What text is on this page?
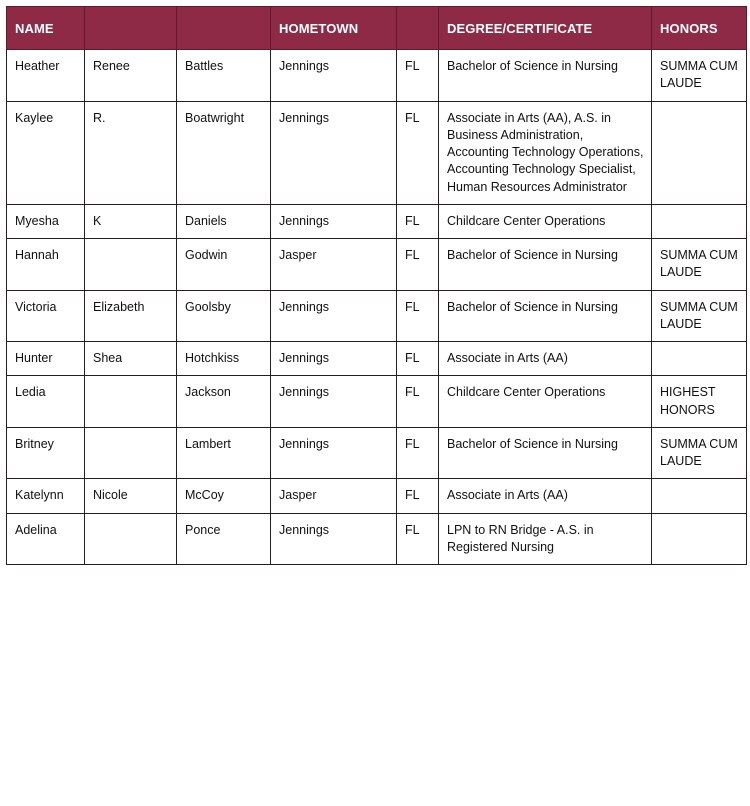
NAME			HOMETOWN		DEGREE/CERTIFICATE	HONORS
Heather	Renee	Battles	Jennings	FL	Bachelor of Science in Nursing	SUMMA CUM LAUDE
Kaylee	R.	Boatwright	Jennings	FL	Associate in Arts (AA), A.S. in Business Administration, Accounting Technology Operations, Accounting Technology Specialist, Human Resources Administrator	
Myesha	K	Daniels	Jennings	FL	Childcare Center Operations	
Hannah		Godwin	Jasper	FL	Bachelor of Science in Nursing	SUMMA CUM LAUDE
Victoria	Elizabeth	Goolsby	Jennings	FL	Bachelor of Science in Nursing	SUMMA CUM LAUDE
Hunter	Shea	Hotchkiss	Jennings	FL	Associate in Arts (AA)	
Ledia		Jackson	Jennings	FL	Childcare Center Operations	HIGHEST HONORS
Britney		Lambert	Jennings	FL	Bachelor of Science in Nursing	SUMMA CUM LAUDE
Katelynn	Nicole	McCoy	Jasper	FL	Associate in Arts (AA)	
Adelina		Ponce	Jennings	FL	LPN to RN Bridge - A.S. in Registered Nursing	
